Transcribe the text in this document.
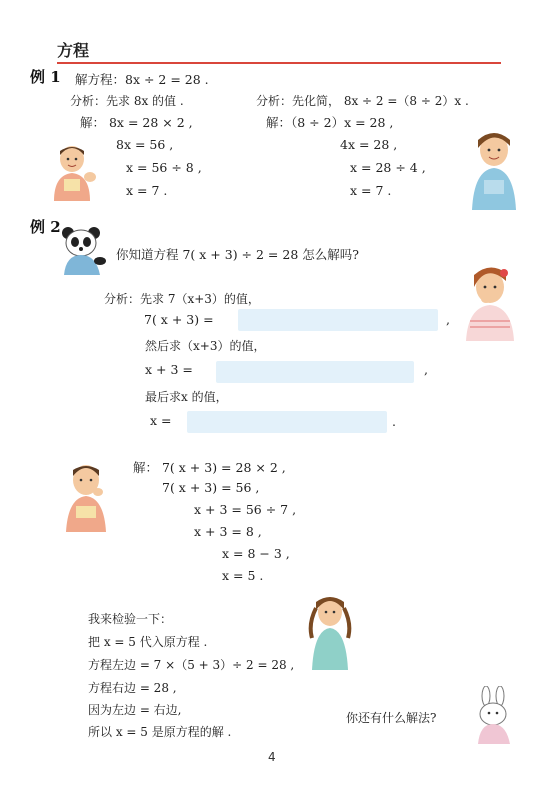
方程
例 1 解方程：8x ÷ 2 = 28 .
分析：先求 8x 的值 .
解： 8x = 28 × 2 ,
8x = 56 ,
x = 56 ÷ 8 ,
x = 7 .
分析：先化简， 8x ÷ 2 =（8 ÷ 2）x .
解：（8 ÷ 2）x = 28 ,
4x = 28 ,
x = 28 ÷ 4 ,
x = 7 .
例 2
你知道方程 7( x + 3) ÷ 2 = 28 怎么解吗?
分析：先求 7（x+3）的值，
7( x + 3) =	,
然后求（x+3）的值，
x + 3 =	,
最后求x 的值，
x =	.
解： 7( x + 3) = 28 × 2 ,
7( x + 3) = 56 ,
x + 3 = 56 ÷ 7 ,
x + 3 = 8 ,
x = 8 − 3 ,
x = 5 .
我来检验一下：
把 x = 5 代入原方程 .
方程左边 = 7 ×（5 + 3）÷ 2 = 28 ,
方程右边 = 28 ,
因为左边 = 右边,
所以 x = 5 是原方程的解 .
你还有什么解法?
4
